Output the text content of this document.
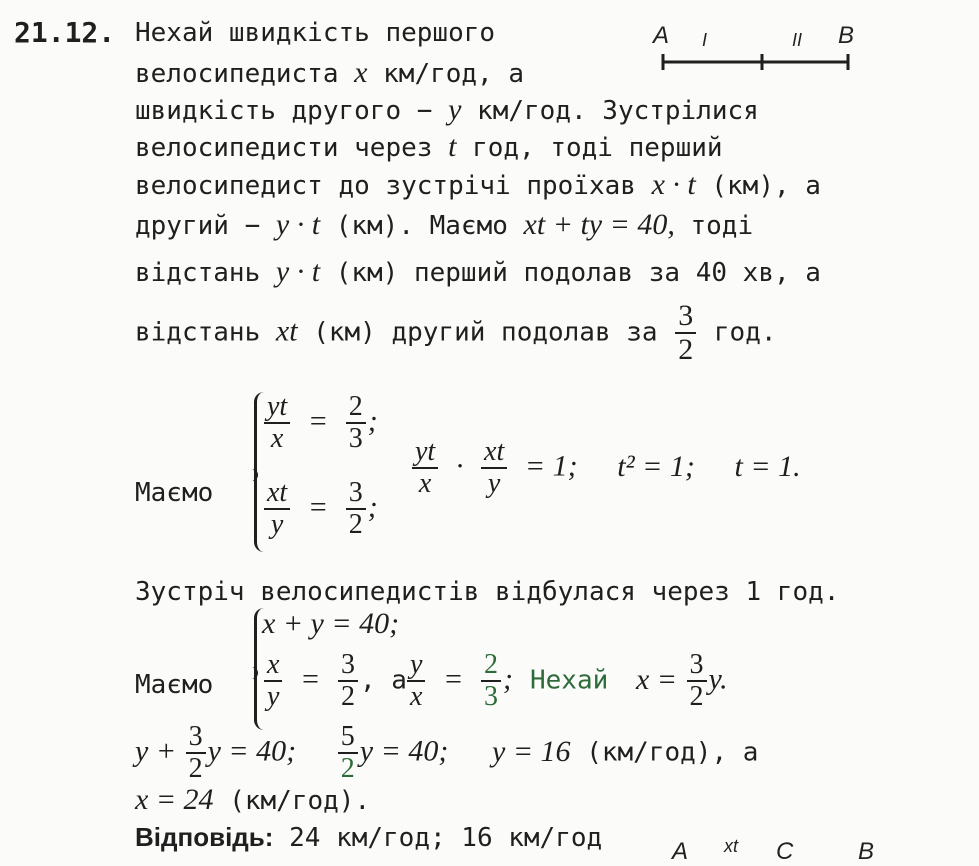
21.12. Нехай швидкість першого
велосипедиста x км/год, а
швидкість другого − y км/год. Зустрілися
велосипедисти через t год, тоді перший
велосипедист до зустрічі проїхав x · t (км), а
другий − y · t (км). Маємо xt + ty = 40, тоді
відстань y · t (км) перший подолав за 40 хв, а
відстань xt (км) другий подолав за $\frac{3}{2}$ год.
A I	II B
Маємо
$\frac{yt}{x} = \frac{2}{3}$ ;
$\frac{xt}{y} = \frac{3}{2}$ ;
$\frac{yt}{x} \cdot \frac{xt}{y} = 1$; t² = 1; t = 1.
Зустріч велосипедистів відбулася через 1 год.
Маємо
x + y = 40;
$\frac{x}{y} = \frac{3}{2}$ , а $\frac{y}{x} = \frac{2}{3}$ ; Нехай $x = \frac{3}{2} y$.
$y + \frac{3}{2}$ y = 40; $\frac{5}{2}$ y = 40; y = 16 (км/год), а
x = 24 (км/год).
Відповідь: 24 км/год; 16 км/год	A xt C	B
